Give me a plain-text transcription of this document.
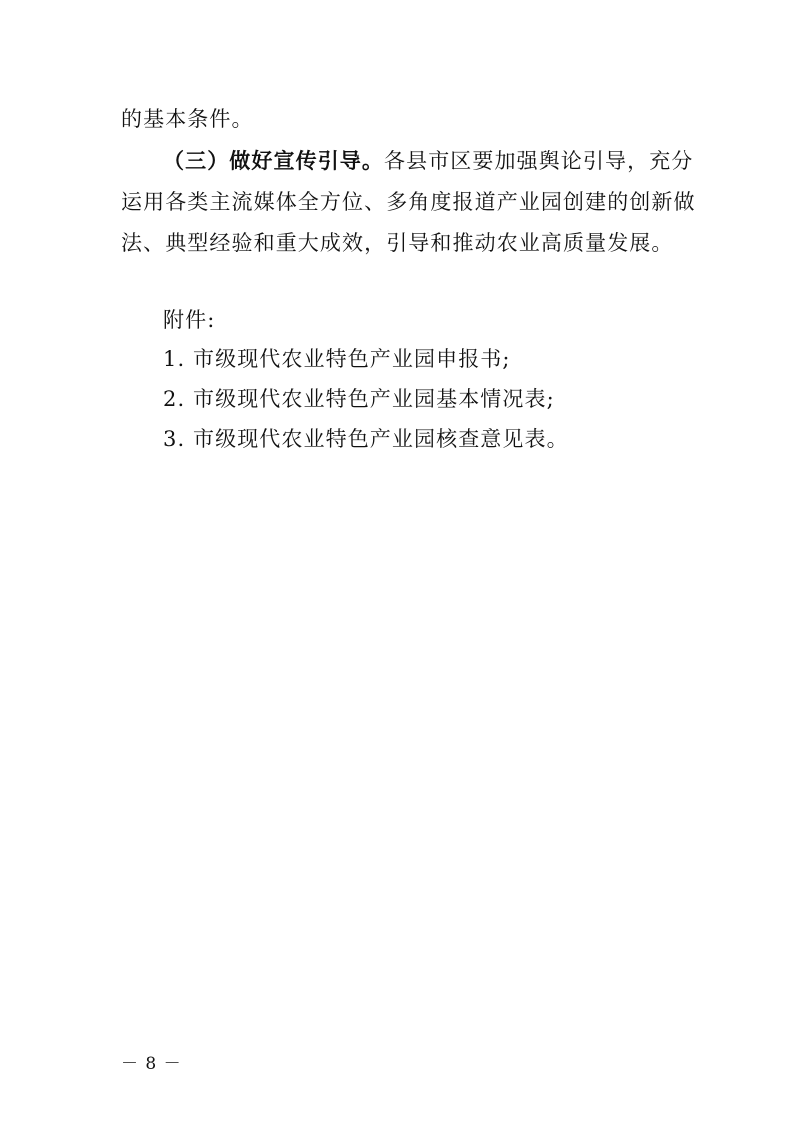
的基本条件。
（三）做好宣传引导。各县市区要加强舆论引导，充分
运用各类主流媒体全方位、多角度报道产业园创建的创新做
法、典型经验和重大成效，引导和推动农业高质量发展。
附件:
1. 市级现代农业特色产业园申报书;
2. 市级现代农业特色产业园基本情况表;
3. 市级现代农业特色产业园核查意见表。
－ 8 －
